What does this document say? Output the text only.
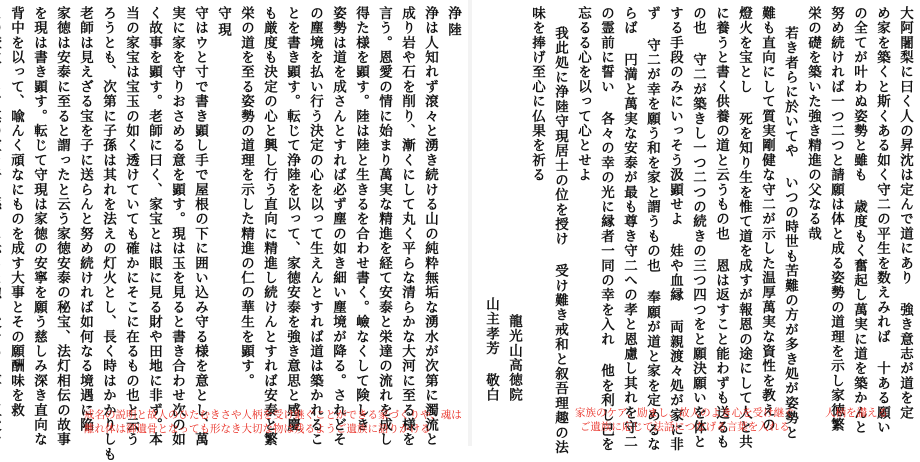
浄陸
浄は人知れず滾々と湧き続ける山の純粋無垢な湧水が次第に濁流と
成り岩や石を削り、漸くにして丸く平らな清らかな大河に至る様を
言う。恩愛の情に始まり萬実な精進を経て安泰と栄達の流れを成し
得た様を顕す。陸は陸と生きるを合わせ書く。嶮なくして険しき
姿勢は道を成さんとすれば必ず塵の如き細い塵境が降る。されどそ
の塵境を払い行う決定の心を以って生えんとすれば道は築かれるこ
とを書き顕す。転じて浄陸を以って、家徳安泰を強き意思と感慶
も厳度も決定の心と興し行う直向に精進し続けんとすれば安泰と繁
栄の道を至る姿勢の道理を示した精進の仁の華生を顕す。
守現
守はウと寸で書き顕し手で屋根の下に囲い込み守る様を意とし、萬
実に家を守りおさめる意を顕す。現は玉を見ると書き合わせ次の如
く故事を顕す。老師に曰く、家宝とは眼に見る財や田地に非ず。本
当の家宝は宝玉の如く透けていても確かにそこに在るもの也と云う
ろうとも、次第に子孫は其れを法えの灯火とし、長く時はかかりしも
老師は見えざる宝を子に送らんと努め続ければ如何なる境遇に陥
家徳は安泰に至ると謂ったと云う家徳安泰の秘宝、法灯相伝の故事
を現は書き顕す。転じて守現は家徳の安寧を願う慈しみ深き直向な
背中を以って、喩んく頑なにものを成す大事とその願酬味を救	戒名の説明と故人のひたむきさや人柄を受け継ぐことができる家づくりや、魂は
離れ体は御遺骨となっても形なき大切な物は残るようご遺族に語りかける
大阿闍梨に曰く人の昇沈は定んで道にあり 強き意志が道を定
め家を築くと斯くある如く守二の平生を数えみれば 十ある願い
の全てが叶わぬ姿勢と雖も 歳度もく奮起し萬実に道を築かんと
努め続ければ一つ二つと請願は体と成る姿勢の道理を示し家徳繁
栄の礎を築いた強き精進の父なる哉
若き者らに於いてや いつの時世も苦難の方が多き処が姿勢と
難も直向にして質実剛健な守二が示した温厚萬実な資性を教えの
燈火を宝とし 死を知り生を惟て道を成すが報恩の途にして人と共
に養うと書く供養の道と云うもの也 恩は返すこと能わずも送るも
の也 守二が築きし一つ二つの続きの三つ四つをと願決願いを体と
する手段のみにいっそう汲顕せよ 娃や血縁 両親渡々処が家に非
ず 守二が幸を願う和を家と謂うもの也 奉願が道と家を定めるな
らば 円満と萬実な安泰が最も尊き守二への孝と恩慮し其れを守二
の霊前に誓い 各々の幸の光に縁者一同の幸を入れ 他を利し己を
忘るる心を以って心とせよ
我此処に浄陸守現居士の位を授け 受け難き戒和と叙吾理趣の法
味を捧げ至心に仏果を祈る
龍光山高徳院
山主孝芳 敬白
家族のケア、励まし、故人のよき心を受け継ぐ
ご遺族に応じて法話につなげる言葉を入れる
人柄を讃える
